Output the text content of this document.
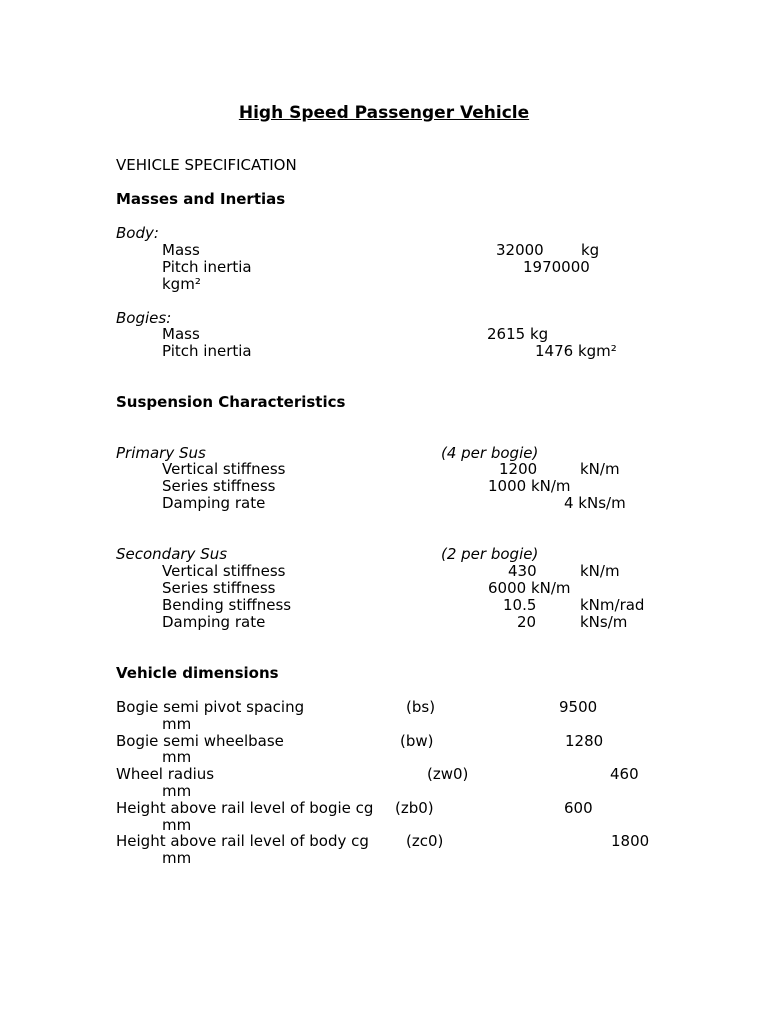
High Speed Passenger Vehicle
VEHICLE SPECIFICATION
Masses and Inertias
Body:
Mass	32000 kg
Pitch inertia	1970000
kgm²
Bogies:
Mass	2615 kg
Pitch inertia	1476 kgm²
Suspension Characteristics
Primary Sus	(4 per bogie)
Vertical stiffness	1200	kN/m
Series stiffness	1000 kN/m
Damping rate	4 kNs/m
Secondary Sus	(2 per bogie)
Vertical stiffness	430	kN/m
Series stiffness	6000 kN/m
Bending stiffness	10.5	kNm/rad
Damping rate	20	kNs/m
Vehicle dimensions
Bogie semi pivot spacing	(bs)	9500
mm
Bogie semi wheelbase	(bw)	1280
mm
Wheel radius	(zw0)	460
mm
Height above rail level of bogie cg (zb0)	600
mm
Height above rail level of body cg (zc0)	1800
mm
